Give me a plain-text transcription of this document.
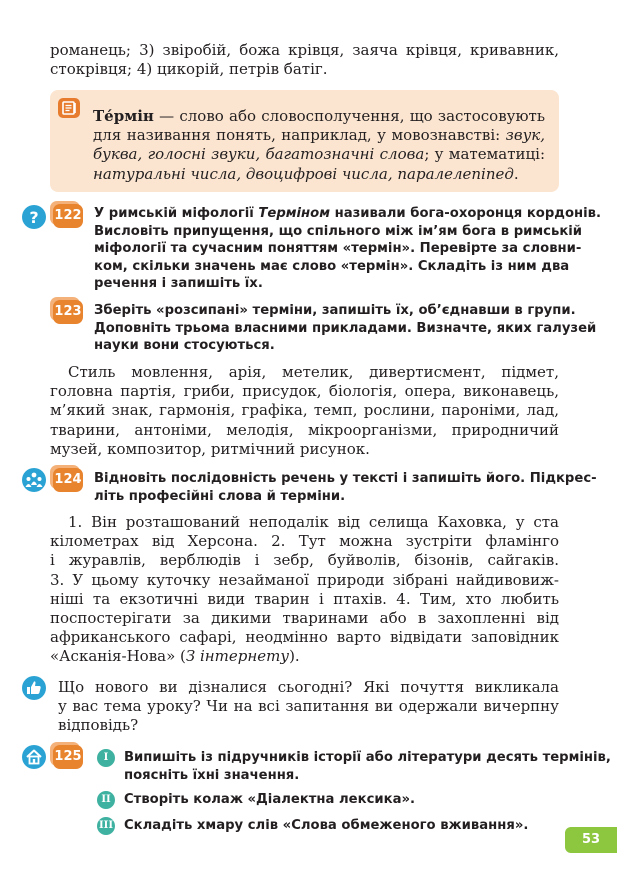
романець; 3) звіробій, божа крівця, заяча крівця, кривавник,
стокрівця; 4) цикорій, петрів батіг.
Те́рмін — слово або словосполучення, що застосовують
для називання понять, наприклад, у мовознавстві: звук,
буква, голосні звуки, багатозначні слова; у математиці:
натуральні числа, двоцифрові числа, паралелепіпед.
? 122 У римській міфології Терміном називали бога-охоронця кордонів.
Висловіть припущення, що спільного між ім’ям бога в римській
міфології та сучасним поняттям «термін». Перевірте за словни-
ком, скільки значень має слово «термін». Складіть із ним два
речення і запишіть їх.
123 Зберіть «розсипані» терміни, запишіть їх, об’єднавши в групи.
Доповніть трьома власними прикладами. Визначте, яких галузей
науки вони стосуються.
Стиль мовлення, арія, метелик, дивертисмент, підмет,
головна партія, гриби, присудок, біологія, опера, виконавець,
м’який знак, гармонія, графіка, темп, рослини, пароніми, лад,
тварини, антоніми, мелодія, мікроорганізми, природничий
музей, композитор, ритмічний рисунок.
124 Відновіть послідовність речень у тексті і запишіть його. Підкрес-
літь професійні слова й терміни.
1. Він розташований неподалік від селища Каховка, у ста
кілометрах від Херсона. 2. Тут можна зустріти фламінго
і журавлів, верблюдів і зебр, буйволів, бізонів, сайгаків.
3. У цьому куточку незайманої природи зібрані найдивовиж-
ніші та екзотичні види тварин і птахів. 4. Тим, хто любить
поспостерігати за дикими тваринами або в захопленні від
африканського сафарі, неодмінно варто відвідати заповідник
«Асканія-Нова» (З інтернету).
Що нового ви дізналися сьогодні? Які почуття викликала
у вас тема уроку? Чи на всі запитання ви одержали вичерпну
відповідь?
125	I	Випишіть із підручників історії або літератури десять термінів,
поясніть їхні значення.
II	Створіть колаж «Діалектна лексика».
III Складіть хмару слів «Слова обмеженого вживання».
53
